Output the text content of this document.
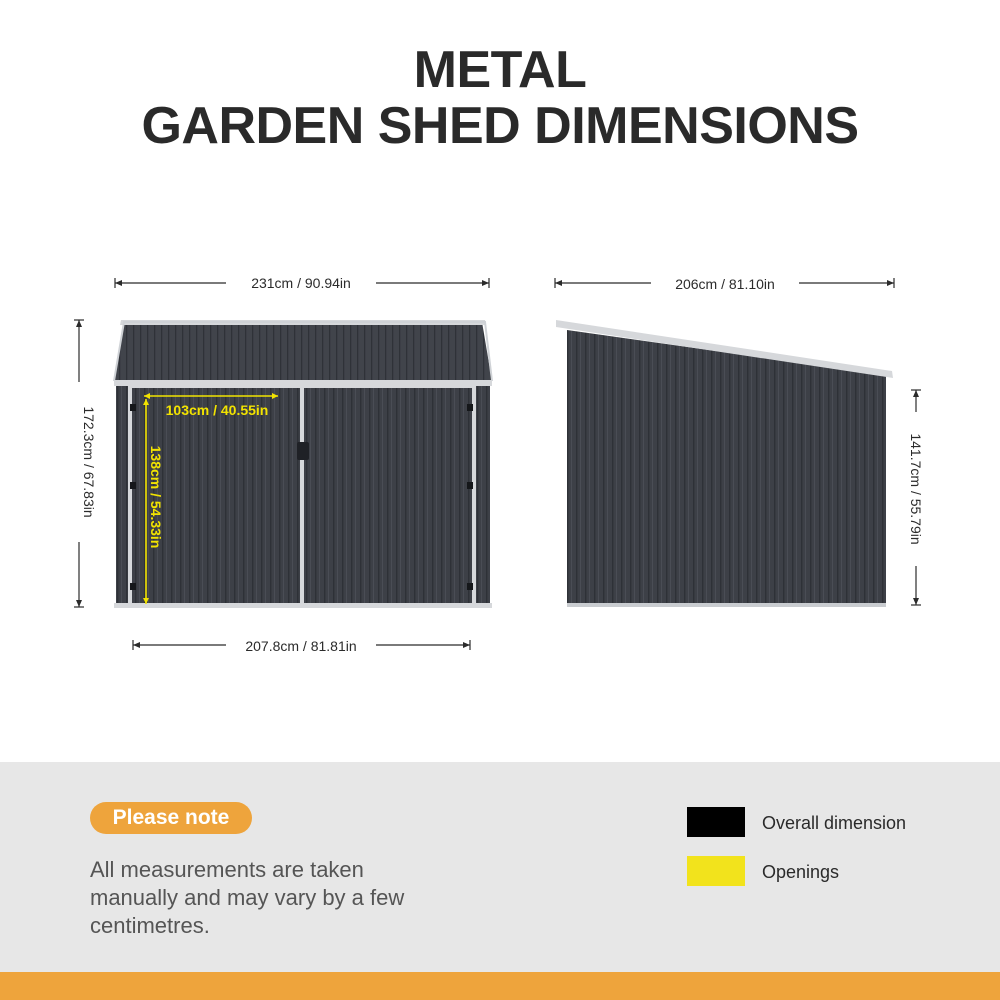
METAL
GARDEN SHED DIMENSIONS
231cm / 90.94in
172.3cm / 67.83in
207.8cm / 81.81in
103cm / 40.55in
138cm / 54.33in
206cm / 81.10in
141.7cm / 55.79in
Please note
All measurements are taken manually and may vary by a few centimetres.
Overall dimension
Openings
